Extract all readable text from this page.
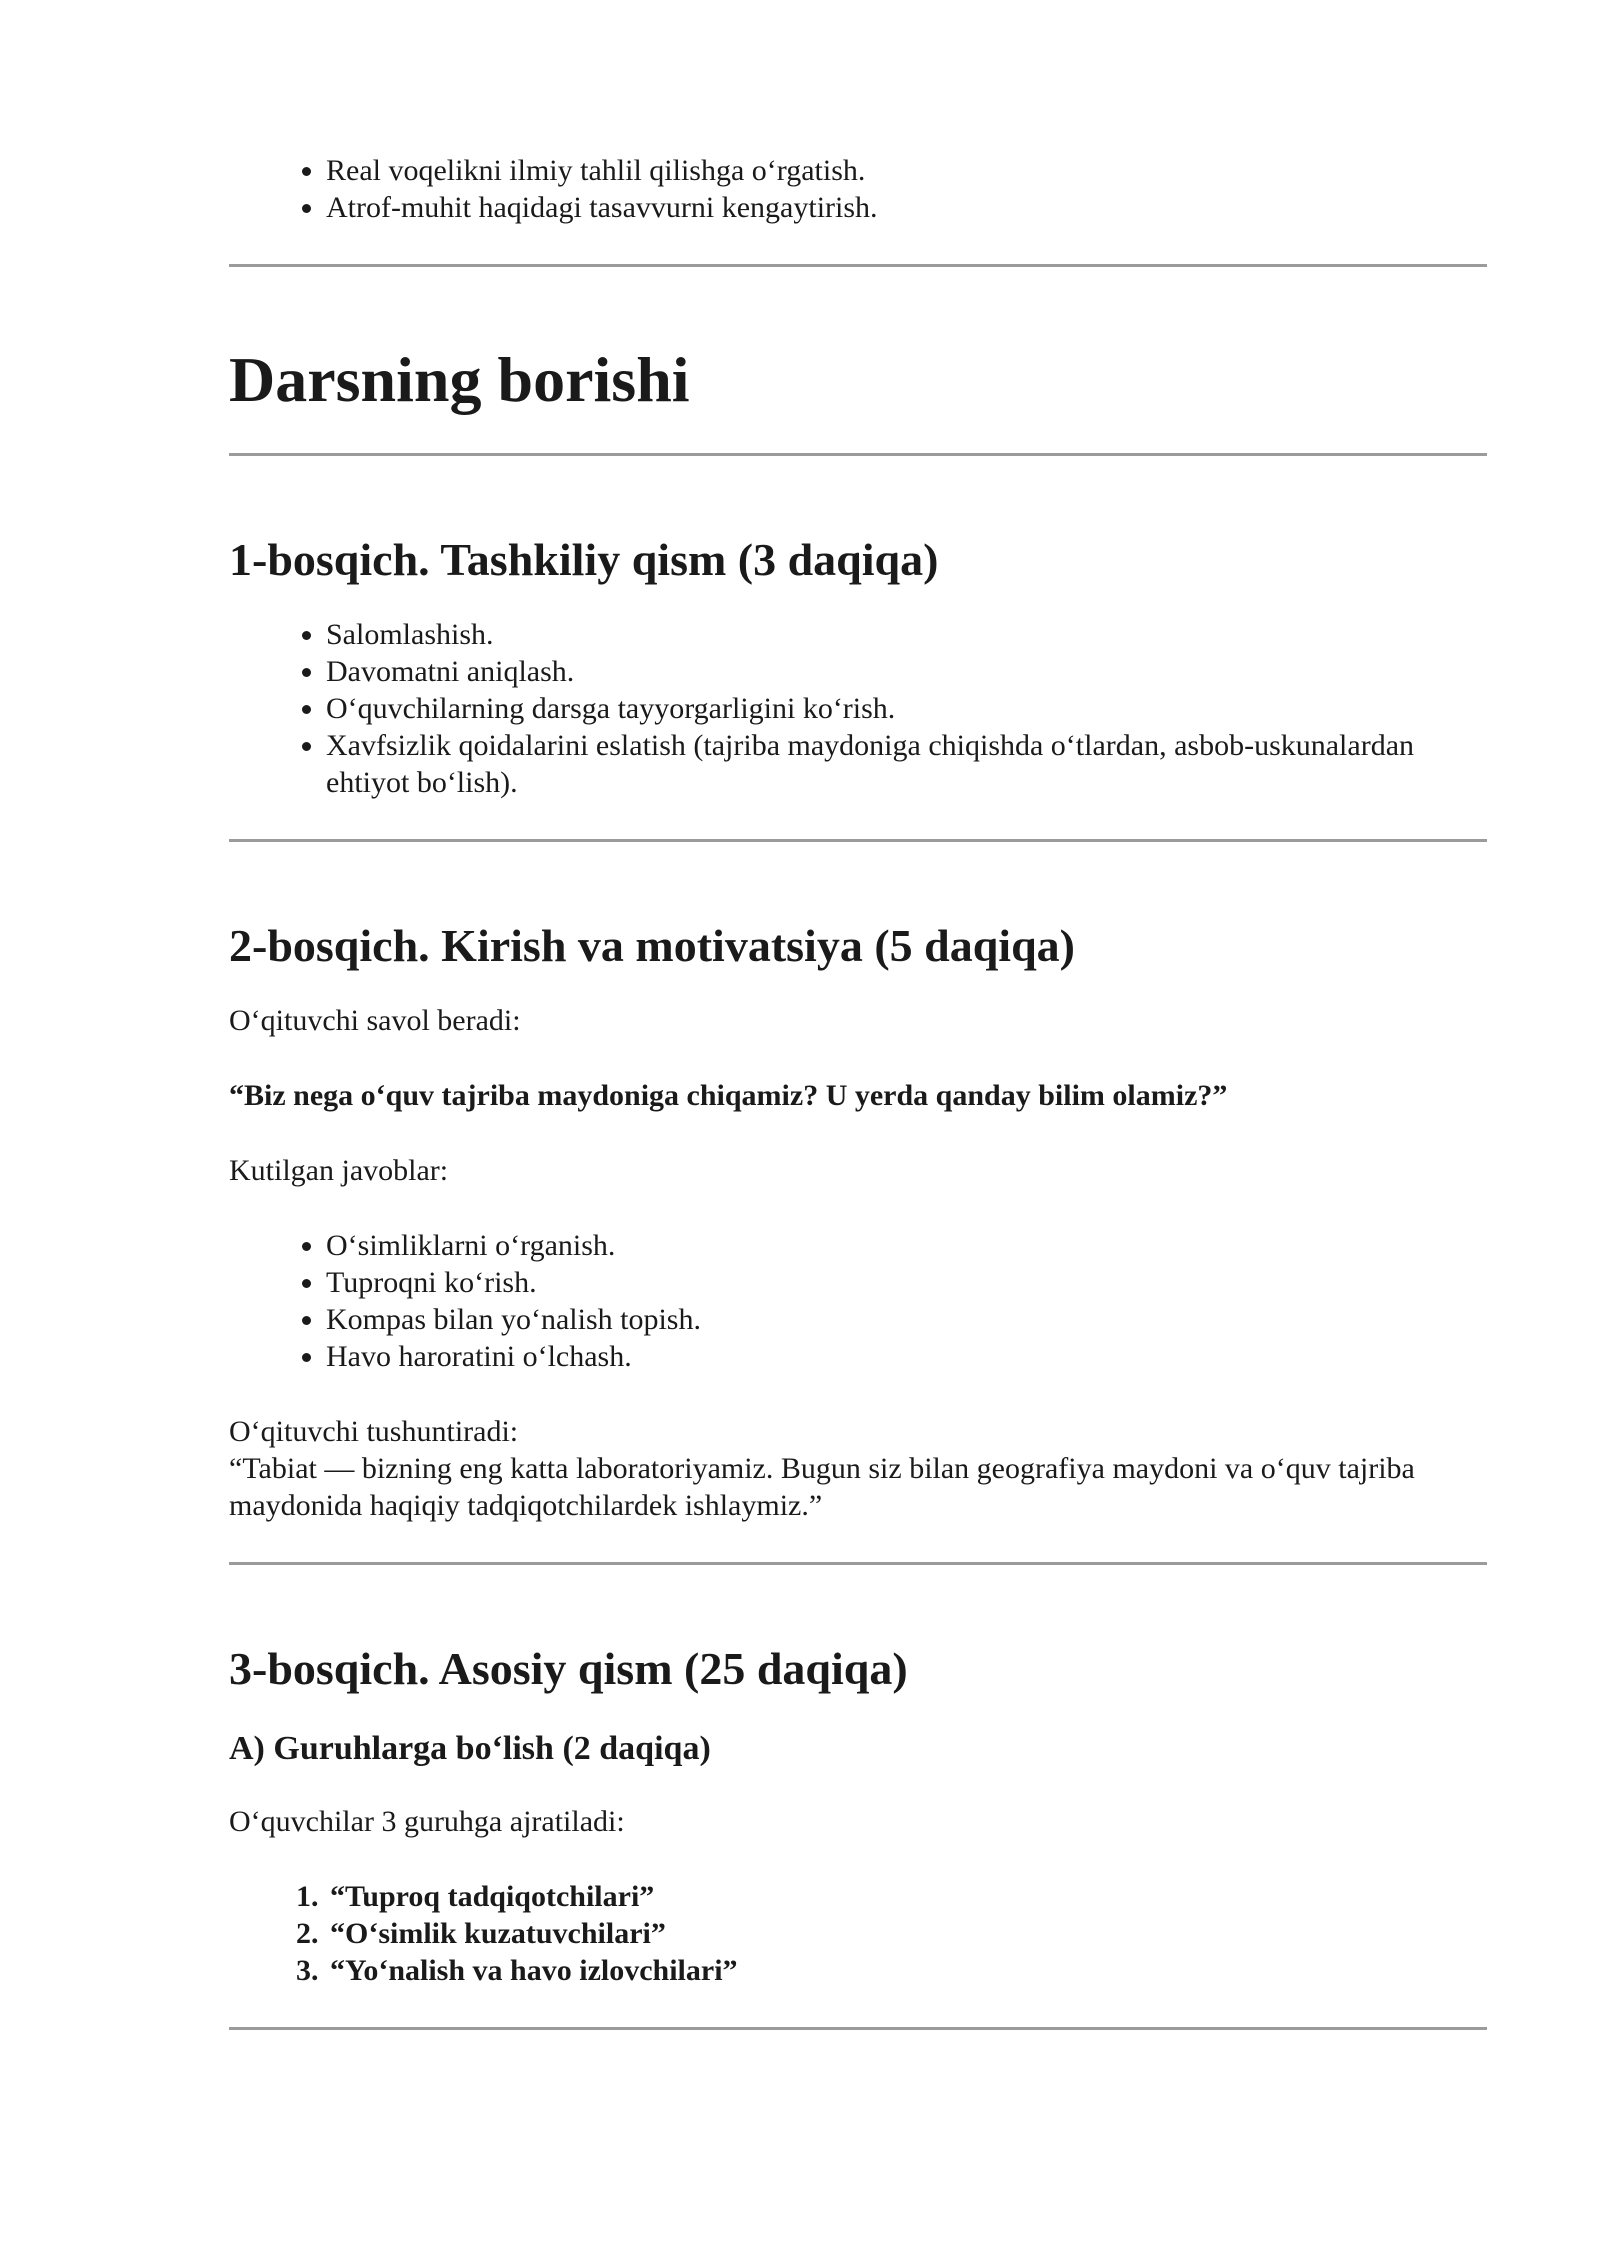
• Real voqelikni ilmiy tahlil qilishga oʻrgatish.
• Atrof-muhit haqidagi tasavvurni kengaytirish.
Darsning borishi
1-bosqich. Tashkiliy qism (3 daqiqa)
• Salomlashish.
• Davomatni aniqlash.
• Oʻquvchilarning darsga tayyorgarligini koʻrish.
• Xavfsizlik qoidalarini eslatish (tajriba maydoniga chiqishda oʻtlardan, asbob-uskunalardan ehtiyot boʻlish).
2-bosqich. Kirish va motivatsiya (5 daqiqa)

Oʻqituvchi savol beradi:

“Biz nega oʻquv tajriba maydoniga chiqamiz? U yerda qanday bilim olamiz?”

Kutilgan javoblar:

• Oʻsimliklarni oʻrganish.
• Tuproqni koʻrish.
• Kompas bilan yoʻnalish topish.
• Havo haroratini oʻlchash.

Oʻqituvchi tushuntiradi:

“Tabiat — bizning eng katta laboratoriyamiz. Bugun siz bilan geografiya maydoni va oʻquv tajriba maydonida haqiqiy tadqiqotchilardek ishlaymiz.”

3-bosqich. Asosiy qism (25 daqiqa)
A) Guruhlarga boʻlish (2 daqiqa)

Oʻquvchilar 3 guruhga ajratiladi:

1. “Tuproq tadqiqotchilari”
2. “Oʻsimlik kuzatuvchilari”
3. “Yoʻnalish va havo izlovchilari”
